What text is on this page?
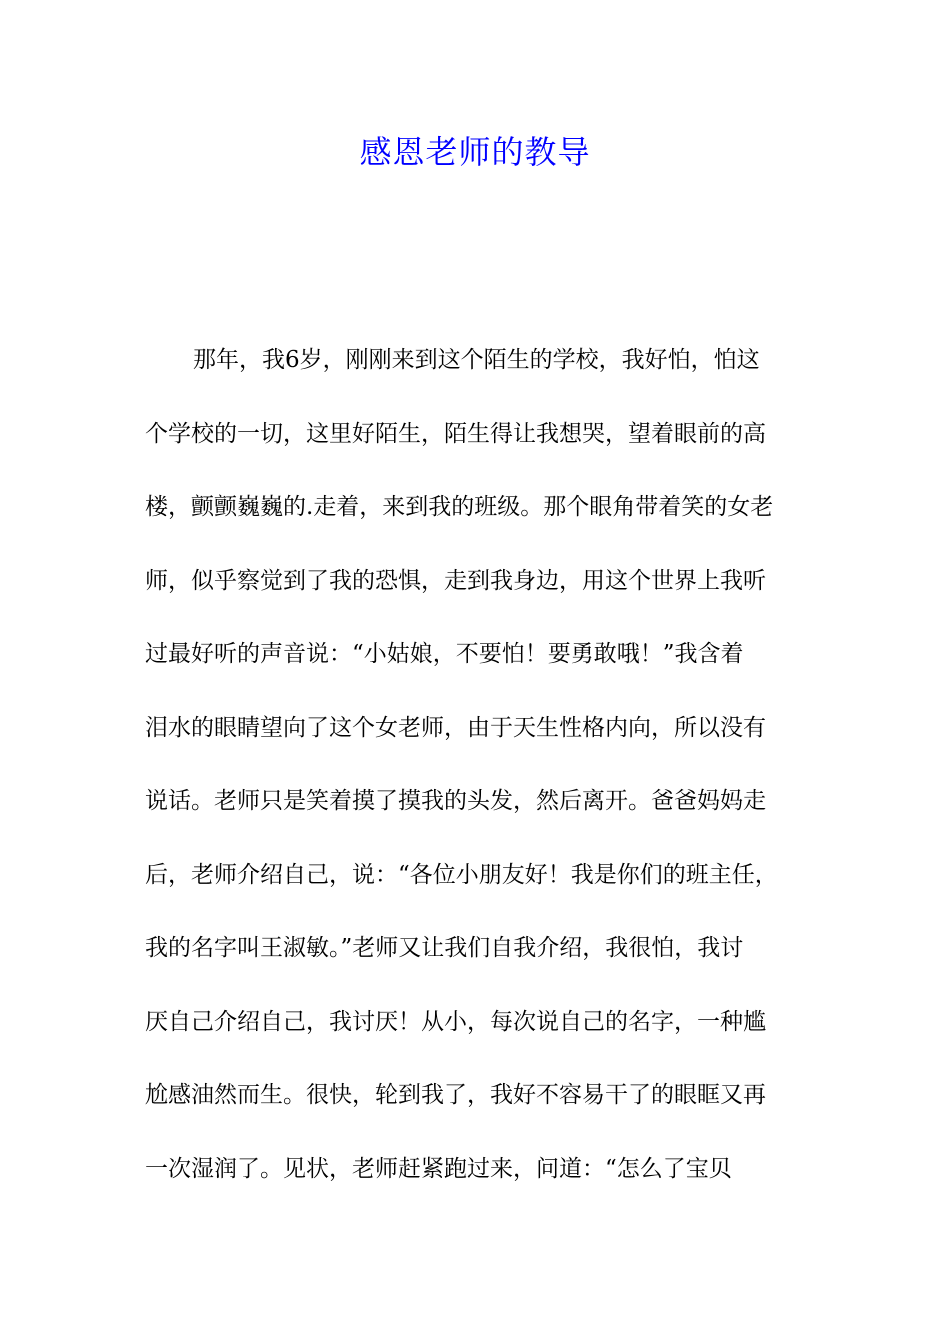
感恩老师的教导
那年，我6岁，刚刚来到这个陌生的学校，我好怕，怕这
个学校的一切，这里好陌生，陌生得让我想哭，望着眼前的高
楼，颤颤巍巍的.走着，来到我的班级。那个眼角带着笑的女老
师，似乎察觉到了我的恐惧，走到我身边，用这个世界上我听
过最好听的声音说：“小姑娘，不要怕！要勇敢哦！”我含着
泪水的眼睛望向了这个女老师，由于天生性格内向，所以没有
说话。老师只是笑着摸了摸我的头发，然后离开。爸爸妈妈走
后，老师介绍自己，说：“各位小朋友好！我是你们的班主任，
我的名字叫王淑敏。”老师又让我们自我介绍，我很怕，我讨
厌自己介绍自己，我讨厌！从小，每次说自己的名字，一种尴
尬感油然而生。很快，轮到我了，我好不容易干了的眼眶又再
一次湿润了。见状，老师赶紧跑过来，问道：“怎么了宝贝
